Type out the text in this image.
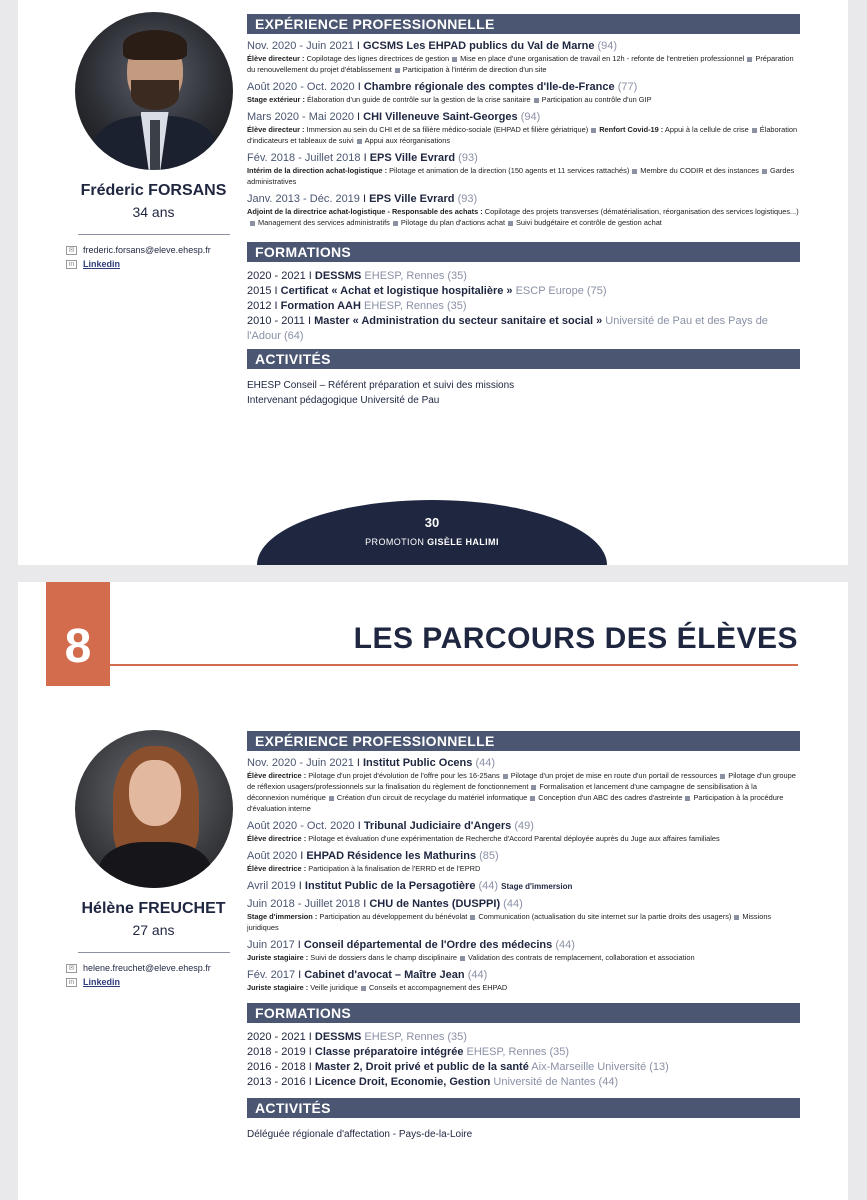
Fréderic FORSANS
34 ans
✉ frederic.forsans@eleve.ehesp.fr
in Linkedin
EXPÉRIENCE PROFESSIONNELLE
Nov. 2020 - Juin 2021 I GCSMS Les EHPAD publics du Val de Marne (94)
Élève directeur : Copilotage des lignes directrices de gestion Mise en place d'une organisation de travail en 12h - refonte de l'entretien professionnel Préparation du renouvellement du projet d'établissement Participation à l'intérim de direction d'un site
Août 2020 - Oct. 2020 I Chambre régionale des comptes d'Ile-de-France (77)
Stage extérieur : Élaboration d'un guide de contrôle sur la gestion de la crise sanitaire Participation au contrôle d'un GIP
Mars 2020 - Mai 2020 I CHI Villeneuve Saint-Georges (94)
Élève directeur : Immersion au sein du CHI et de sa filière médico-sociale (EHPAD et filière gériatrique) Renfort Covid-19 : Appui à la cellule de crise Élaboration d'indicateurs et tableaux de suivi Appui aux réorganisations
Fév. 2018 - Juillet 2018 I EPS Ville Evrard (93)
Intérim de la direction achat-logistique : Pilotage et animation de la direction (150 agents et 11 services rattachés) Membre du CODIR et des instances Gardes administratives
Janv. 2013 - Déc. 2019 I EPS Ville Evrard (93)
Adjoint de la directrice achat-logistique - Responsable des achats : Copilotage des projets transverses (dématérialisation, réorganisation des services logistiques...)Management des services administratifs Pilotage du plan d'actions achat Suivi budgétaire et contrôle de gestion achat
FORMATIONS
2020 - 2021 I DESSMS EHESP, Rennes (35)
2015 I Certificat « Achat et logistique hospitalière » ESCP Europe (75)
2012 I Formation AAH EHESP, Rennes (35)
2010 - 2011 I Master « Administration du secteur sanitaire et social » Université de Pau et des Pays de l'Adour (64)
ACTIVITÉS
EHESP Conseil – Référent préparation et suivi des missions
Intervenant pédagogique Université de Pau
30
PROMOTION GISÈLE HALIMI
8	LES PARCOURS DES ÉLÈVES
Hélène FREUCHET
27 ans
✉ helene.freuchet@eleve.ehesp.fr
in Linkedin
EXPÉRIENCE PROFESSIONNELLE
Nov. 2020 - Juin 2021 I Institut Public Ocens (44)
Élève directrice : Pilotage d'un projet d'évolution de l'offre pour les 16-25ans Pilotage d'un projet de mise en route d'un portail de ressources Pilotage d'un groupe de réflexion usagers/professionnels sur la finalisation du règlement de fonctionnement Formalisation et lancement d'une campagne de sensibilisation à la déconnexion numérique Création d'un circuit de recyclage du matériel informatique Conception d'un ABC des cadres d'astreinte Participation à la procédure d'évaluation interne
Août 2020 - Oct. 2020 I Tribunal Judiciaire d'Angers (49)
Élève directrice : Pilotage et évaluation d'une expérimentation de Recherche d'Accord Parental déployée auprès du Juge aux affaires familiales
Août 2020 I EHPAD Résidence les Mathurins (85)
Élève directrice : Participation à la finalisation de l'ERRD et de l'EPRD
Avril 2019 I Institut Public de la Persagotière (44) Stage d'immersion
Juin 2018 - Juillet 2018 I CHU de Nantes (DUSPPI) (44)
Stage d'immersion : Participation au développement du bénévolat Communication (actualisation du site internet sur la partie droits des usagers) Missions juridiques
Juin 2017 I Conseil départemental de l'Ordre des médecins (44)
Juriste stagiaire : Suivi de dossiers dans le champ disciplinaire Validation des contrats de remplacement, collaboration et association
Fév. 2017 I Cabinet d'avocat – Maître Jean (44)
Juriste stagiaire : Veille juridique Conseils et accompagnement des EHPAD
FORMATIONS
2020 - 2021 I DESSMS EHESP, Rennes (35)
2018 - 2019 I Classe préparatoire intégrée EHESP, Rennes (35)
2016 - 2018 I Master 2, Droit privé et public de la santé Aix-Marseille Université (13)
2013 - 2016 I Licence Droit, Economie, Gestion Université de Nantes (44)
ACTIVITÉS
Déléguée régionale d'affectation - Pays-de-la-Loire
